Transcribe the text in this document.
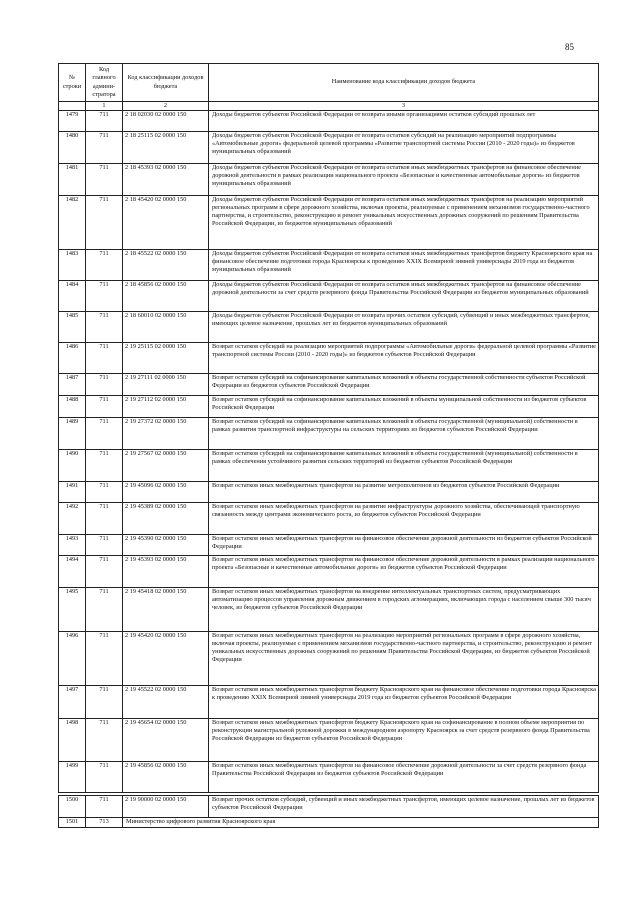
85
№ строки	Код главного админи-стратора	Код классификации доходов бюджета	Наименование кода классификации доходов бюджета
	1	2	3
1479	711	2 18 02030 02 0000 150	Доходы бюджетов субъектов Российской Федерации от возврата иными организациями остатков субсидий прошлых лет
1480	711	2 18 25115 02 0000 150	Доходы бюджетов субъектов Российской Федерации от возврата остатков субсидий на реализацию мероприятий подпрограммы «Автомобильные дороги» федеральной целевой программы «Развитие транспортной системы России (2010 - 2020 годы)» из бюджетов муниципальных образований
1481	711	2 18 45393 02 0000 150	Доходы бюджетов субъектов Российской Федерации от возврата остатков иных межбюджетных трансфертов на финансовое обеспечение дорожной деятельности в рамках реализации национального проекта «Безопасные и качественные автомобильные дороги» из бюджетов муниципальных образований
1482	711	2 18 45420 02 0000 150	Доходы бюджетов субъектов Российской Федерации от возврата остатков иных межбюджетных трансфертов на реализацию мероприятий региональных программ в сфере дорожного хозяйства, включая проекты, реализуемые с применением механизмов государственно-частного партнерства, и строительство, реконструкцию и ремонт уникальных искусственных дорожных сооружений по решениям Правительства Российской Федерации, из бюджетов муниципальных образований
1483	711	2 18 45522 02 0000 150	Доходы бюджетов субъектов Российской Федерации от возврата остатков иных межбюджетных трансфертов бюджету Красноярского края на финансовое обеспечение подготовки города Красноярска к проведению XXIX Всемирной зимней универсиады 2019 года из бюджетов муниципальных образований
1484	711	2 18 45856 02 0000 150	Доходы бюджетов субъектов Российской Федерации от возврата остатков иных межбюджетных трансфертов на финансовое обеспечение дорожной деятельности за счет средств резервного фонда Правительства Российской Федерации из бюджетов муниципальных образований
1485	711	2 18 60010 02 0000 150	Доходы бюджетов субъектов Российской Федерации от возврата прочих остатков субсидий, субвенций и иных межбюджетных трансфертов, имеющих целевое назначение, прошлых лет из бюджетов муниципальных образований
1486	711	2 19 25115 02 0000 150	Возврат остатков субсидий на реализацию мероприятий подпрограммы «Автомобильные дороги» федеральной целевой программы «Развитие транспортной системы России (2010 - 2020 годы)» из бюджетов субъектов Российской Федерации
1487	711	2 19 27111 02 0000 150	Возврат остатков субсидий на софинансирование капитальных вложений в объекты государственной собственности субъектов Российской Федерации из бюджетов субъектов Российской Федерации
1488	711	2 19 27112 02 0000 150	Возврат остатков субсидий на софинансирование капитальных вложений в объекты муниципальной собственности из бюджетов субъектов Российской Федерации
1489	711	2 19 27372 02 0000 150	Возврат остатков субсидий на софинансирование капитальных вложений в объекты государственной (муниципальной) собственности в рамках развития транспортной инфраструктуры на сельских территориях из бюджетов субъектов Российской Федерации
1490	711	2 19 27567 02 0000 150	Возврат остатков субсидий на софинансирование капитальных вложений в объекты государственной (муниципальной) собственности в рамках обеспечения устойчивого развития сельских территорий из бюджетов субъектов Российской Федерации
1491	711	2 19 45096 02 0000 150	Возврат остатков иных межбюджетных трансфертов на развитие метрополитенов из бюджетов субъектов Российской Федерации
1492	711	2 19 45389 02 0000 150	Возврат остатков иных межбюджетных трансфертов на развитие инфраструктуры дорожного хозяйства, обеспечивающей транспортную связанность между центрами экономического роста, из бюджетов субъектов Российской Федерации
1493	711	2 19 45390 02 0000 150	Возврат остатков иных межбюджетных трансфертов на финансовое обеспечение дорожной деятельности из бюджетов субъектов Российской Федерации
1494	711	2 19 45393 02 0000 150	Возврат остатков иных межбюджетных трансфертов на финансовое обеспечение дорожной деятельности в рамках реализации национального проекта «Безопасные и качественные автомобильные дороги» из бюджетов субъектов Российской Федерации
1495	711	2 19 45418 02 0000 150	Возврат остатков иных межбюджетных трансфертов на внедрение интеллектуальных транспортных систем, предусматривающих автоматизацию процессов управления дорожным движением в городских агломерациях, включающих города с населением свыше 300 тысяч человек, из бюджетов субъектов Российской Федерации
1496	711	2 19 45420 02 0000 150	Возврат остатков иных межбюджетных трансфертов на реализацию мероприятий региональных программ в сфере дорожного хозяйства, включая проекты, реализуемые с применением механизмов государственно-частного партнерства, и строительство, реконструкцию и ремонт уникальных искусственных дорожных сооружений по решениям Правительства Российской Федерации, из бюджетов субъектов Российской Федерации
1497	711	2 19 45522 02 0000 150	Возврат остатков иных межбюджетных трансфертов бюджету Красноярского края на финансовое обеспечение подготовки города Красноярска к проведению XXIX Всемирной зимней универсиады 2019 года из бюджетов субъектов Российской Федерации
1498	711	2 19 45654 02 0000 150	Возврат остатков иных межбюджетных трансфертов бюджету Красноярского края на софинансирование в полном объеме мероприятия по реконструкции магистральной рулежной дорожки в международном аэропорту Красноярск за счет средств резервного фонда Правительства Российской Федерации из бюджетов субъектов Российской Федерации
1499	711	2 19 45856 02 0000 150	Возврат остатков иных межбюджетных трансфертов на финансовое обеспечение дорожной деятельности за счет средств резервного фонда Правительства Российской Федерации из бюджетов субъектов Российской Федерации

1500	711	2 19 90000 02 0000 150	Возврат прочих остатков субсидий, субвенций и иных межбюджетных трансфертов, имеющих целевое назначение, прошлых лет из бюджетов субъектов Российской Федерации
1501	713	Министерство цифрового развития Красноярского края	
